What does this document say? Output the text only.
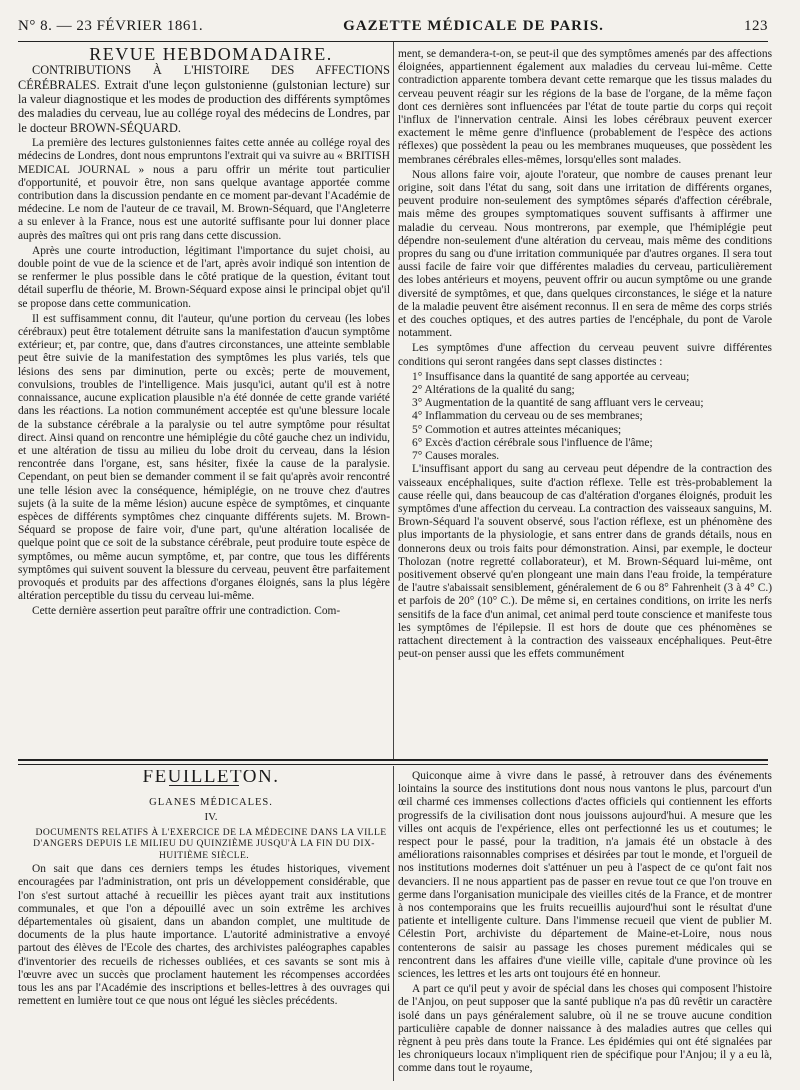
N° 8. — 23 FÉVRIER 1861.	GAZETTE MÉDICALE DE PARIS.	123

REVUE HEBDOMADAIRE.

CONTRIBUTIONS À L'HISTOIRE DES AFFECTIONS CÉRÉBRALES. Extrait d'une leçon gulstonienne (gulstonian lecture) sur la valeur diagnostique et les modes de production des différents symptômes des maladies du cerveau, lue au collége royal des médecins de Londres, par le docteur BROWN-SÉQUARD.

La première des lectures gulstoniennes faites cette année au collége royal des médecins de Londres, dont nous empruntons l'extrait qui va suivre au « BRITISH MEDICAL JOURNAL » nous a paru offrir un mérite tout particulier d'opportunité, et pouvoir être, non sans quelque avantage apportée comme contribution dans la discussion pendante en ce moment par-devant l'Académie de médecine. Le nom de l'auteur de ce travail, M. Brown-Séquard, que l'Angleterre a su enlever à la France, nous est une autorité suffisante pour lui donner place auprès des maîtres qui ont pris rang dans cette discussion.

Après une courte introduction, légitimant l'importance du sujet choisi, au double point de vue de la science et de l'art, après avoir indiqué son intention de se renfermer le plus possible dans le côté pratique de la question, évitant tout détail superflu de théorie, M. Brown-Séquard expose ainsi le principal objet qu'il se propose dans cette communication.

Il est suffisamment connu, dit l'auteur, qu'une portion du cerveau (les lobes cérébraux) peut être totalement détruite sans la manifestation d'aucun symptôme extérieur; et, par contre, que, dans d'autres circonstances, une atteinte semblable peut être suivie de la manifestation des symptômes les plus variés, tels que lésions des sens par diminution, perte ou excès; perte de mouvement, convulsions, troubles de l'intelligence. Mais jusqu'ici, autant qu'il est à notre connaissance, aucune explication plausible n'a été donnée de cette grande variété dans les réactions. La notion communément acceptée est qu'une blessure locale de la substance cérébrale a la paralysie ou tel autre symptôme pour résultat direct. Ainsi quand on rencontre une hémiplégie du côté gauche chez un individu, et une altération de tissu au milieu du lobe droit du cerveau, dans la lésion rencontrée dans l'organe, est, sans hésiter, fixée la cause de la paralysie. Cependant, on peut bien se demander comment il se fait qu'après avoir rencontré une telle lésion avec la conséquence, hémiplégie, on ne trouve chez d'autres sujets (à la suite de la même lésion) aucune espèce de symptômes, et cinquante espèces de différents symptômes chez cinquante différents sujets. M. Brown-Séquard se propose de faire voir, d'une part, qu'une altération localisée de quelque point que ce soit de la substance cérébrale, peut produire toute espèce de symptômes, ou même aucun symptôme, et, par contre, que tous les différents symptômes qui suivent souvent la blessure du cerveau, peuvent être parfaitement provoqués et produits par des affections d'organes éloignés, sans la plus légère altération perceptible du tissu du cerveau lui-même.

Cette dernière assertion peut paraître offrir une contradiction. Com-

ment, se demandera-t-on, se peut-il que des symptômes amenés par des affections éloignées, appartiennent également aux maladies du cerveau lui-même. Cette contradiction apparente tombera devant cette remarque que les tissus malades du cerveau peuvent réagir sur les régions de la base de l'organe, de la même façon dont ces dernières sont influencées par l'état de toute partie du corps qui reçoit l'influx de l'innervation centrale. Ainsi les lobes cérébraux peuvent exercer exactement le même genre d'influence (probablement de l'espèce des actions réflexes) que possèdent la peau ou les membranes muqueuses, que possèdent les membranes cérébrales elles-mêmes, lorsqu'elles sont malades.

Nous allons faire voir, ajoute l'orateur, que nombre de causes prenant leur origine, soit dans l'état du sang, soit dans une irritation de différents organes, peuvent produire non-seulement des symptômes séparés d'affection cérébrale, mais même des groupes symptomatiques souvent suffisants à affirmer une maladie du cerveau. Nous montrerons, par exemple, que l'hémiplégie peut dépendre non-seulement d'une altération du cerveau, mais même des conditions propres du sang ou d'une irritation communiquée par d'autres organes. Il sera tout aussi facile de faire voir que différentes maladies du cerveau, particulièrement des lobes antérieurs et moyens, peuvent offrir ou aucun symptôme ou une grande diversité de symptômes, et que, dans quelques circonstances, le siége et la nature de la maladie peuvent être aisément reconnus. Il en sera de même des corps striés et des couches optiques, et des autres parties de l'encéphale, du pont de Varole notamment.

Les symptômes d'une affection du cerveau peuvent suivre différentes conditions qui seront rangées dans sept classes distinctes :

1° Insuffisance dans la quantité de sang apportée au cerveau;

2° Altérations de la qualité du sang;

3° Augmentation de la quantité de sang affluant vers le cerveau;

4° Inflammation du cerveau ou de ses membranes;

5° Commotion et autres atteintes mécaniques;

6° Excès d'action cérébrale sous l'influence de l'âme;

7° Causes morales.

L'insuffisant apport du sang au cerveau peut dépendre de la contraction des vaisseaux encéphaliques, suite d'action réflexe. Telle est très-probablement la cause réelle qui, dans beaucoup de cas d'altération d'organes éloignés, produit les symptômes d'une affection du cerveau. La contraction des vaisseaux sanguins, M. Brown-Séquard l'a souvent observé, sous l'action réflexe, est un phénomène des plus importants de la physiologie, et sans entrer dans de grands détails, nous en donnerons deux ou trois faits pour démonstration. Ainsi, par exemple, le docteur Tholozan (notre regretté collaborateur), et M. Brown-Séquard lui-même, ont positivement observé qu'en plongeant une main dans l'eau froide, la température de l'autre s'abaissait sensiblement, généralement de 6 ou 8° Fahrenheit (3 à 4° C.) et parfois de 20° (10° C.). De même si, en certaines conditions, on irrite les nerfs sensitifs de la face d'un animal, cet animal perd toute conscience et manifeste tous les symptômes de l'épilepsie. Il est hors de doute que ces phénomènes se rattachent directement à la contraction des vaisseaux encéphaliques. Peut-être peut-on penser aussi que les effets communément

FEUILLETON.

GLANES MÉDICALES.

IV.

DOCUMENTS RELATIFS À L'EXERCICE DE LA MÉDECINE DANS LA VILLE D'ANGERS DEPUIS LE MILIEU DU QUINZIÈME JUSQU'À LA FIN DU DIX-HUITIÈME SIÈCLE.

On sait que dans ces derniers temps les études historiques, vivement encouragées par l'administration, ont pris un développement considérable, que l'on s'est surtout attaché à recueillir les pièces ayant trait aux institutions communales, et que l'on a dépouillé avec un soin extrême les archives départementales où gisaient, dans un abandon complet, une multitude de documents de la plus haute importance. L'autorité administrative a envoyé partout des élèves de l'Ecole des chartes, des archivistes paléographes capables d'inventorier des recueils de richesses oubliées, et ces savants se sont mis à l'œuvre avec un succès que proclament hautement les récompenses accordées tous les ans par l'Académie des inscriptions et belles-lettres à des ouvrages qui remettent en lumière tout ce que nous ont légué les siècles précédents.

Quiconque aime à vivre dans le passé, à retrouver dans des événements lointains la source des institutions dont nous nous vantons le plus, parcourt d'un œil charmé ces immenses collections d'actes officiels qui contiennent les efforts progressifs de la civilisation dont nous jouissons aujourd'hui. A mesure que les villes ont acquis de l'expérience, elles ont perfectionné les us et coutumes; le respect pour le passé, pour la tradition, n'a jamais été un obstacle à des améliorations raisonnables comprises et désirées par tout le monde, et l'orgueil de nos institutions modernes doit s'atténuer un peu à l'aspect de ce qu'ont fait nos devanciers. Il ne nous appartient pas de passer en revue tout ce que l'on trouve en germe dans l'organisation municipale des vieilles cités de la France, et de montrer à nos contemporains que les fruits recueillis aujourd'hui sont le résultat d'une patiente et intelligente culture. Dans l'immense recueil que vient de publier M. Célestin Port, archiviste du département de Maine-et-Loire, nous nous contenterons de saisir au passage les choses purement médicales qui se rencontrent dans les affaires d'une vieille ville, capitale d'une province où les sciences, les lettres et les arts ont toujours été en honneur.

A part ce qu'il peut y avoir de spécial dans les choses qui composent l'histoire de l'Anjou, on peut supposer que la santé publique n'a pas dû revêtir un caractère isolé dans un pays généralement salubre, où il ne se trouve aucune condition particulière capable de donner naissance à des maladies autres que celles qui règnent à peu près dans toute la France. Les épidémies qui ont été signalées par les chroniqueurs locaux n'impliquent rien de spécifique pour l'Anjou; il y a eu là, comme dans tout le royaume,
